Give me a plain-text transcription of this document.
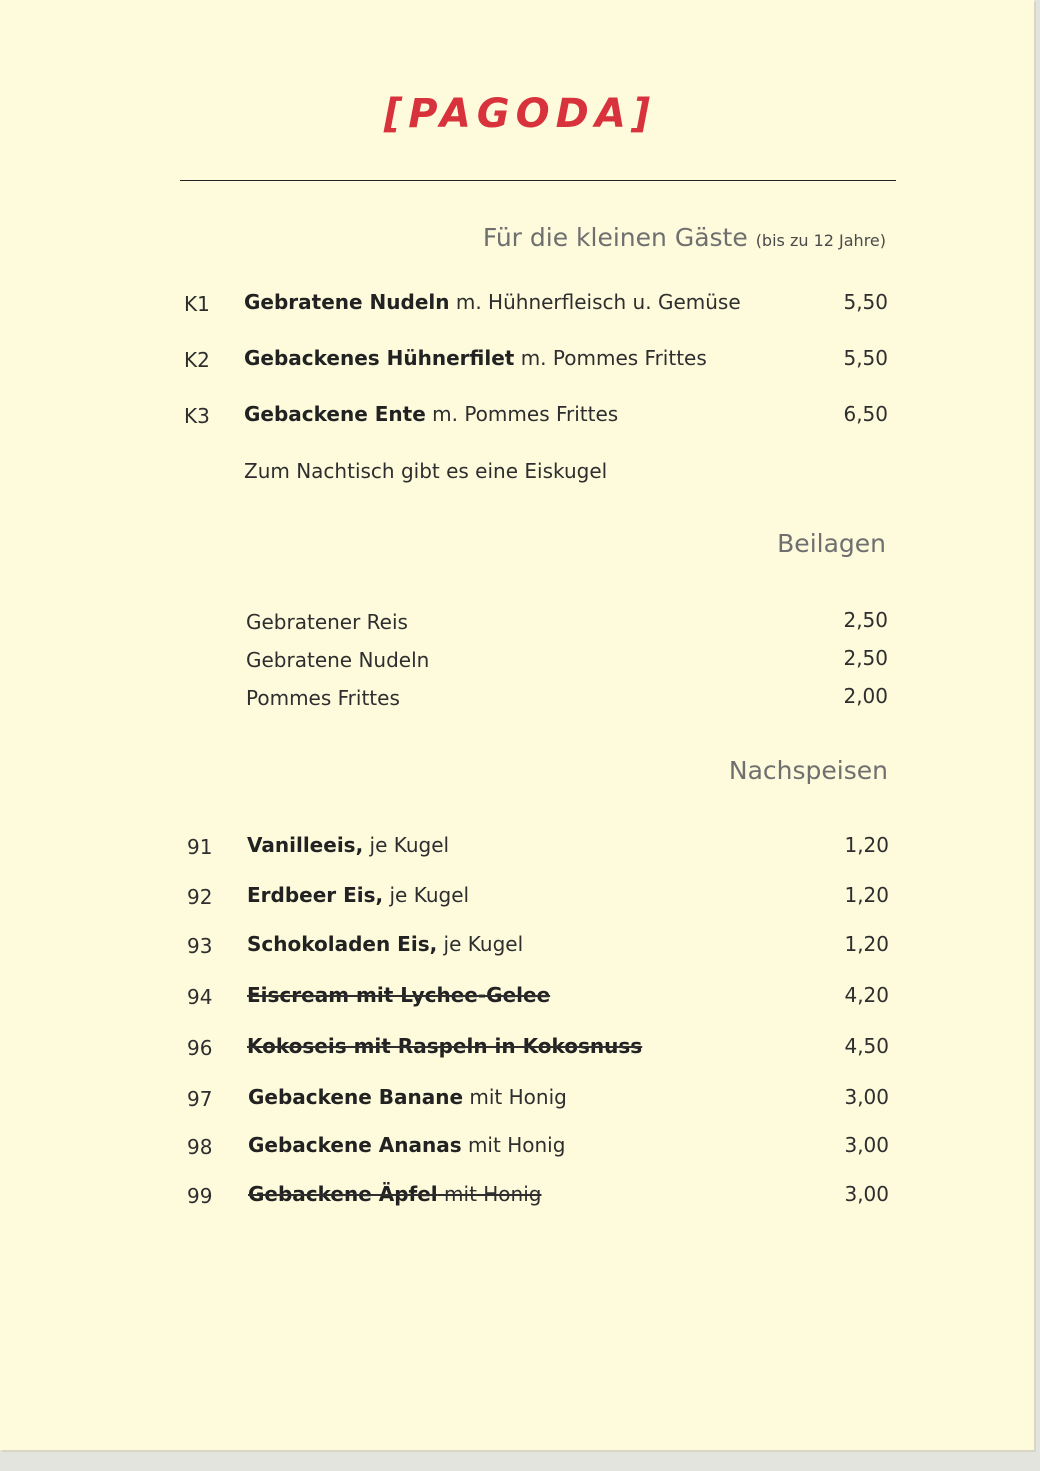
[PAGODA]
Für die kleinen Gäste (bis zu 12 Jahre)
K1 Gebratene Nudeln m. Hühnerfleisch u. Gemüse	5,50
K2 Gebackenes Hühnerfilet m. Pommes Frittes	5,50
K3 Gebackene Ente m. Pommes Frittes	6,50
Zum Nachtisch gibt es eine Eiskugel
Beilagen
Gebratener Reis	2,50
Gebratene Nudeln	2,50
Pommes Frittes	2,00
Nachspeisen
91 Vanilleeis, je Kugel	1,20
92 Erdbeer Eis, je Kugel	1,20
93 Schokoladen Eis, je Kugel	1,20
94 Eiscream mit Lychee-Gelee	4,20
96 Kokoseis mit Raspeln in Kokosnuss	4,50
97 Gebackene Banane mit Honig	3,00
98 Gebackene Ananas mit Honig	3,00
99 Gebackene Äpfel mit Honig	3,00
